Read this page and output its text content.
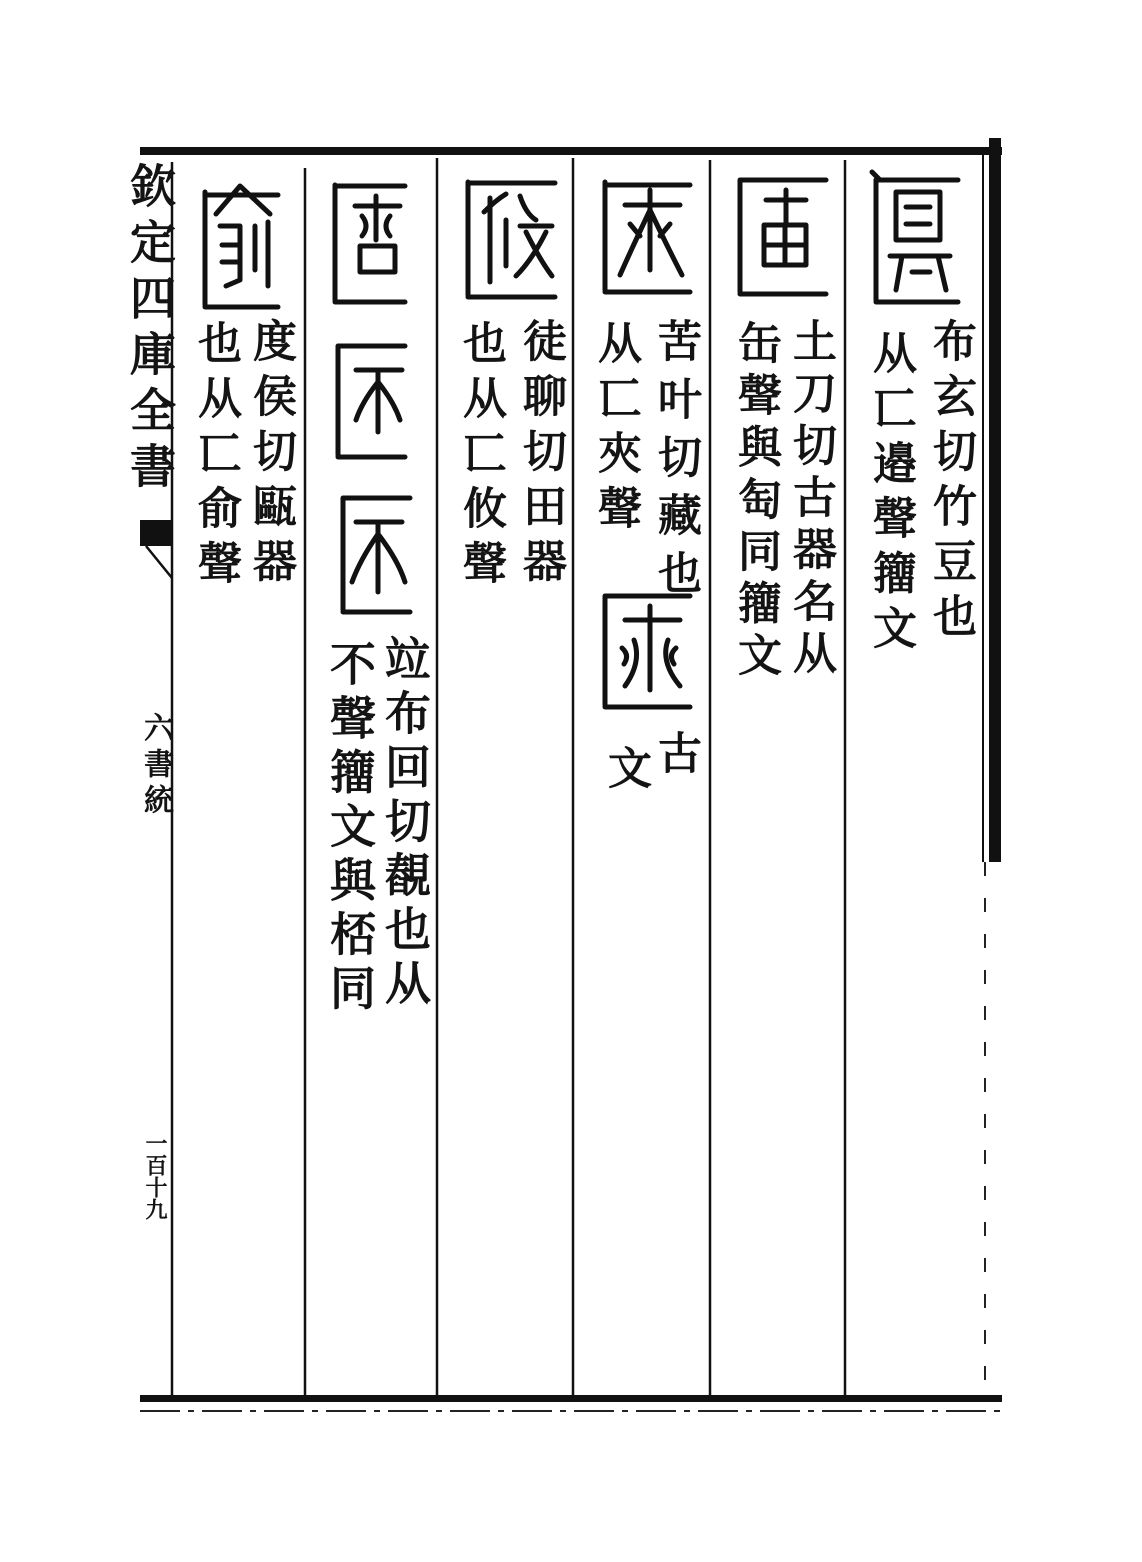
欽定四庫全書
六書統
一百十九
布玄切竹豆也
从匸邉聲籒文
土刀切古器名从
缶聲與匋同籒文
苦叶切藏也
从匸夾聲
古
文
徒聊切田器
也从匸攸聲
竝布回切䚎也从
不聲籒文與桮同
度侯切甌器
也从匸俞聲
